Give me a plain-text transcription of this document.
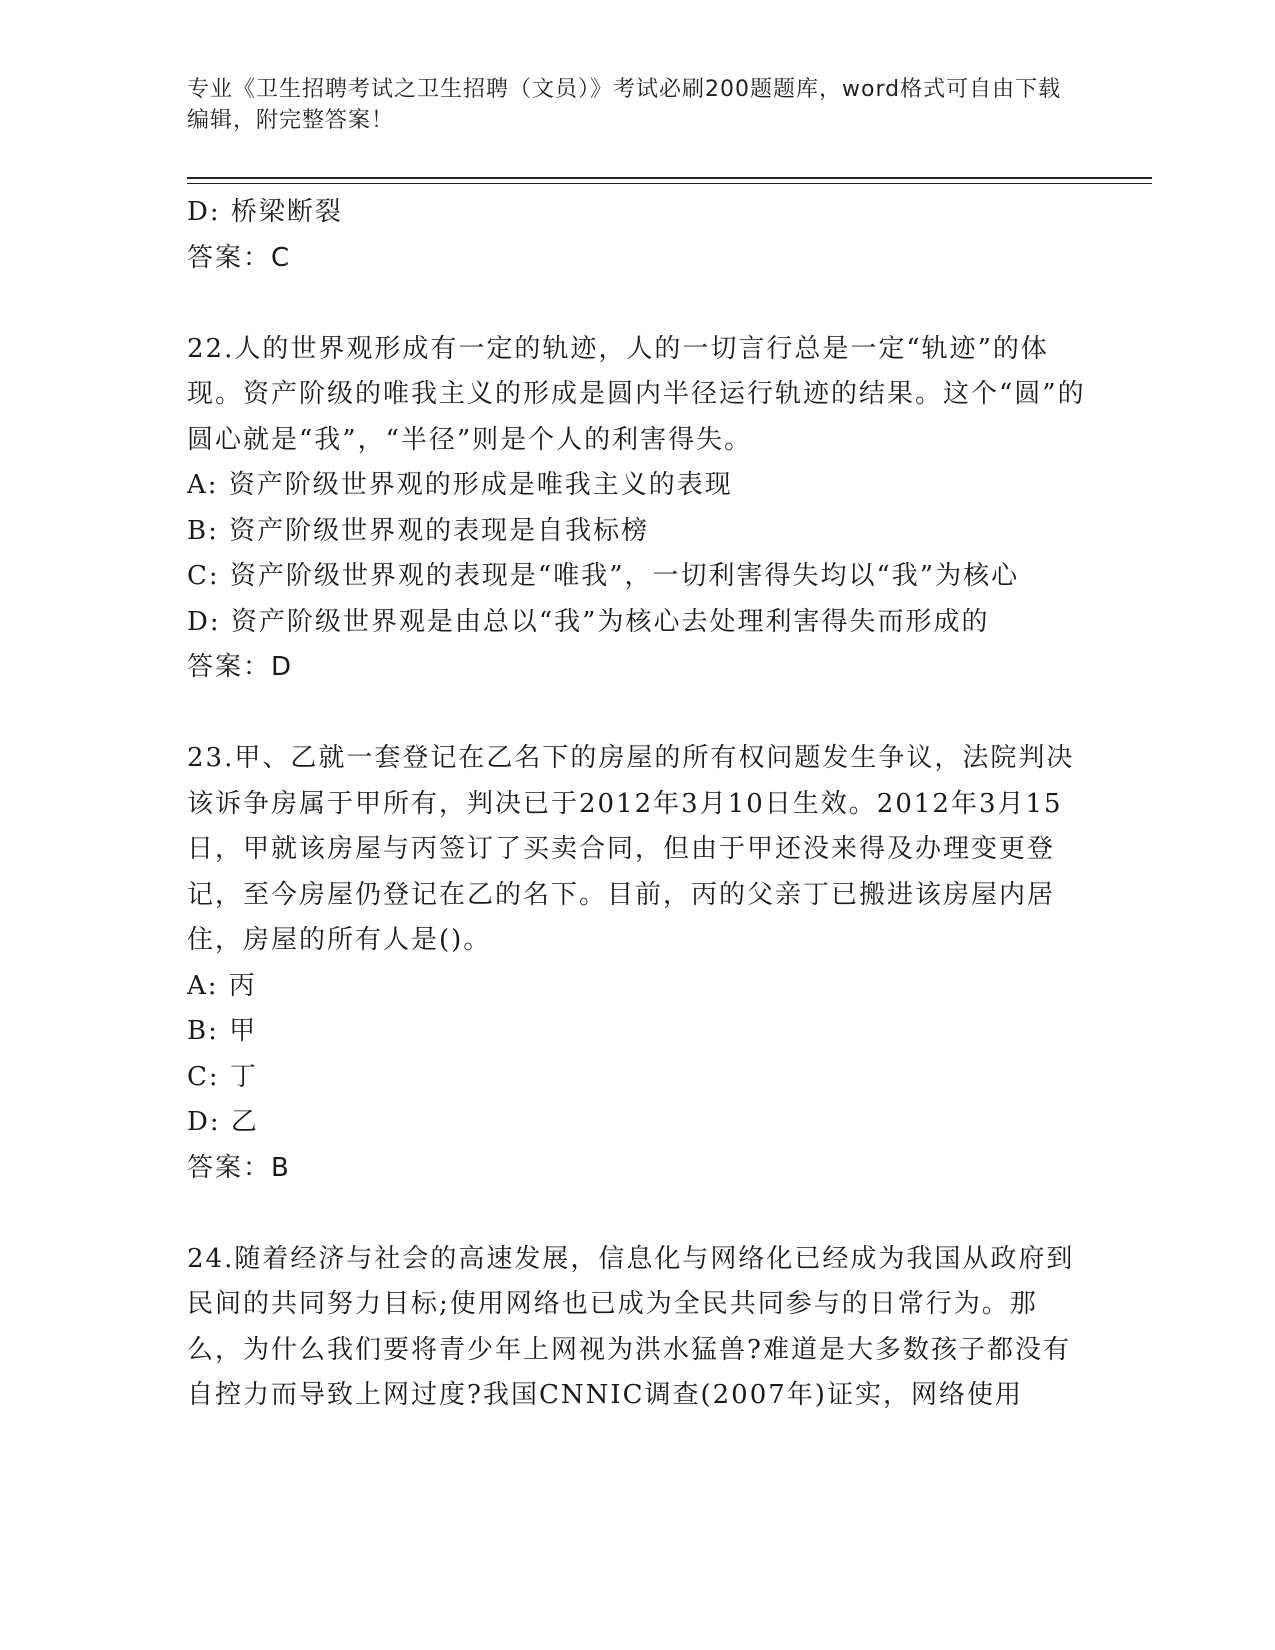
专业《卫生招聘考试之卫生招聘（文员）》考试必刷200题题库，word格式可自由下载编辑，附完整答案！
D: 桥梁断裂
答案：C
22.人的世界观形成有一定的轨迹，人的一切言行总是一定“轨迹”的体现。资产阶级的唯我主义的形成是圆内半径运行轨迹的结果。这个“圆”的圆心就是“我”，“半径”则是个人的利害得失。
A: 资产阶级世界观的形成是唯我主义的表现
B: 资产阶级世界观的表现是自我标榜
C: 资产阶级世界观的表现是“唯我”，一切利害得失均以“我”为核心
D: 资产阶级世界观是由总以“我”为核心去处理利害得失而形成的
答案：D
23.甲、乙就一套登记在乙名下的房屋的所有权问题发生争议，法院判决该诉争房属于甲所有，判决已于2012年3月10日生效。2012年3月15日，甲就该房屋与丙签订了买卖合同，但由于甲还没来得及办理变更登记，至今房屋仍登记在乙的名下。目前，丙的父亲丁已搬进该房屋内居住，房屋的所有人是()。
A: 丙
B: 甲
C: 丁
D: 乙
答案：B
24.随着经济与社会的高速发展，信息化与网络化已经成为我国从政府到民间的共同努力目标;使用网络也已成为全民共同参与的日常行为。那么，为什么我们要将青少年上网视为洪水猛兽?难道是大多数孩子都没有自控力而导致上网过度?我国CNNIC调查(2007年)证实，网络使用
